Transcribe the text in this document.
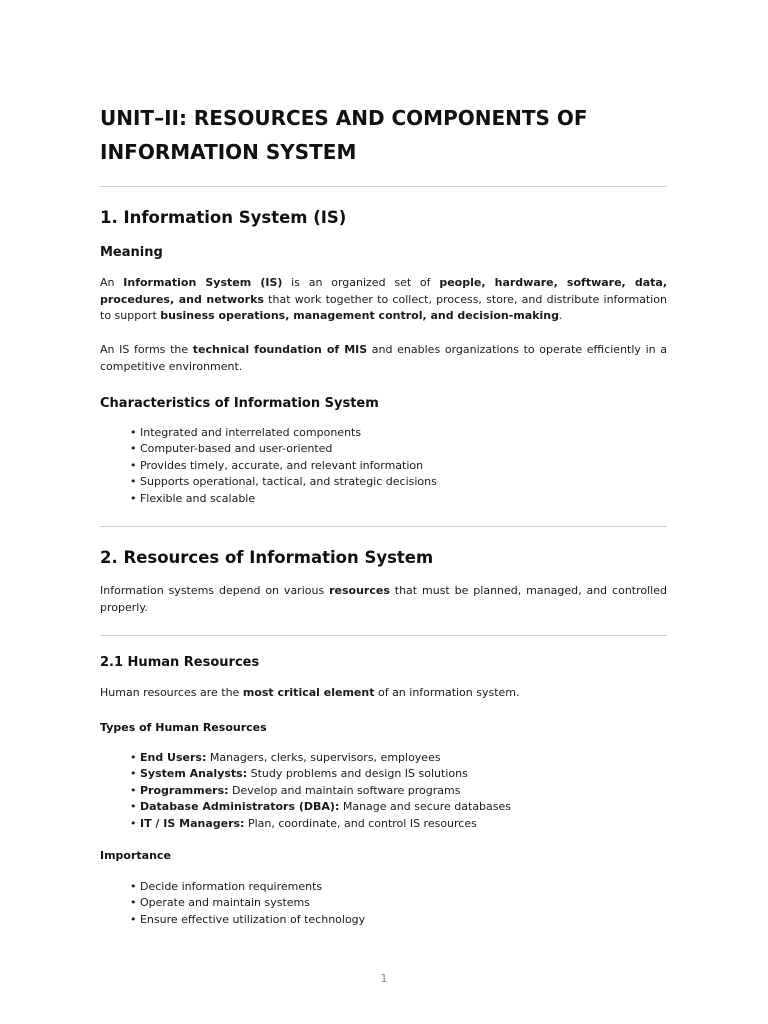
UNIT–II: RESOURCES AND COMPONENTS OF INFORMATION SYSTEM
1. Information System (IS)
Meaning

An Information System (IS) is an organized set of people, hardware, software, data, procedures, and networks that work together to collect, process, store, and distribute information to support business operations, management control, and decision-making.

An IS forms the technical foundation of MIS and enables organizations to operate efficiently in a competitive environment.

Characteristics of Information System
• Integrated and interrelated components
• Computer-based and user-oriented
• Provides timely, accurate, and relevant information
• Supports operational, tactical, and strategic decisions
• Flexible and scalable
2. Resources of Information System

Information systems depend on various resources that must be planned, managed, and controlled properly.

2.1 Human Resources

Human resources are the most critical element of an information system.

Types of Human Resources
• End Users: Managers, clerks, supervisors, employees
• System Analysts: Study problems and design IS solutions
• Programmers: Develop and maintain software programs
• Database Administrators (DBA): Manage and secure databases
• IT / IS Managers: Plan, coordinate, and control IS resources
Importance
• Decide information requirements
• Operate and maintain systems
• Ensure effective utilization of technology
1
